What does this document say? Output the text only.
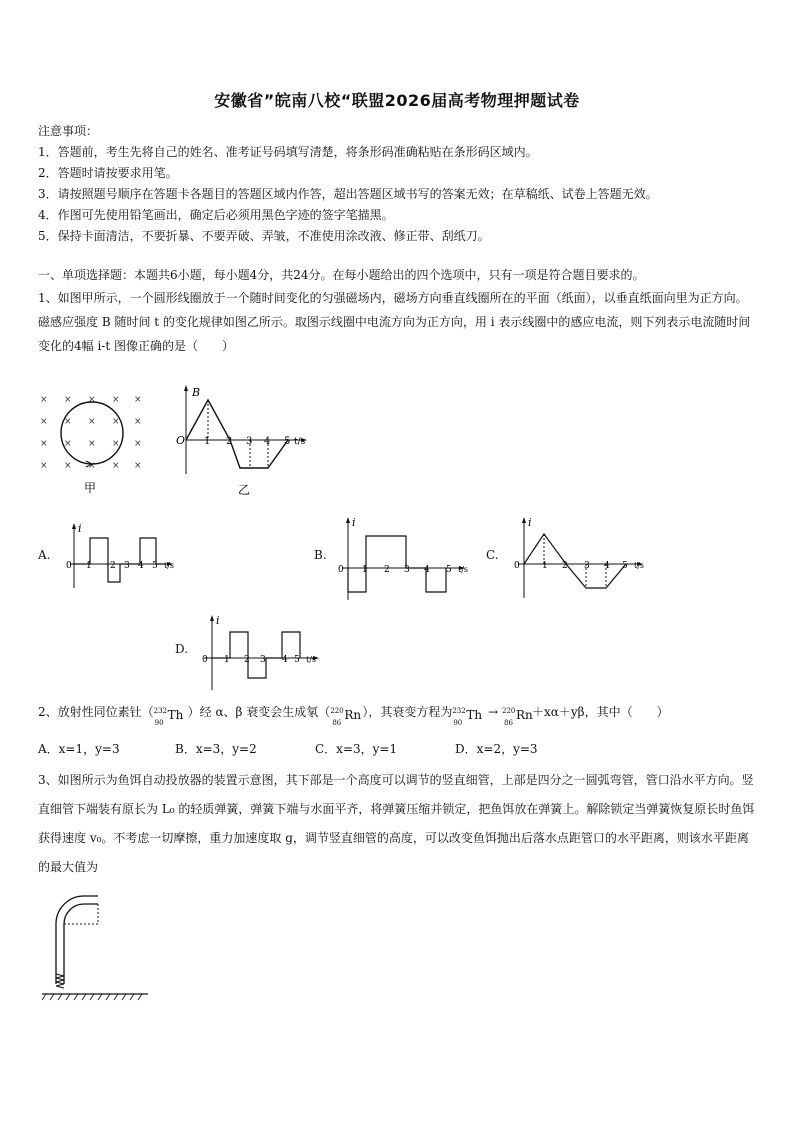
安徽省”皖南八校“联盟2026届高考物理押题试卷
注意事项：
1．答题前，考生先将自己的姓名、准考证号码填写清楚，将条形码准确粘贴在条形码区域内。
2．答题时请按要求用笔。
3．请按照题号顺序在答题卡各题目的答题区域内作答，超出答题区域书写的答案无效；在草稿纸、试卷上答题无效。
4．作图可先使用铅笔画出，确定后必须用黑色字迹的签字笔描黑。
5．保持卡面清洁，不要折暴、不要弄破、弄皱，不准使用涂改液、修正带、刮纸刀。
一、单项选择题：本题共6小题，每小题4分，共24分。在每小题给出的四个选项中，只有一项是符合题目要求的。
1、如图甲所示，一个圆形线圈放于一个随时间变化的匀强磁场内，磁场方向垂直线圈所在的平面（纸面），以垂直纸面向里为正方向。磁感应强度 B 随时间 t 的变化规律如图乙所示。取图示线圈中电流方向为正方向，用 i 表示线圈中的感应电流，则下列表示电流随时间变化的4幅 i-t 图像正确的是（　　）
× × × × ×
× × × × ×
× × × × ×
× × × × ×
甲
B
O	t/s
1 2 3 4 5
乙
A.
i
0 1 2 3 4 5 t/s
B.
i
0 1 2 3 4 5 t/s
C.
i
0 1 2 3 4 5 t/s
D.
i
0 1 2 3 4 5 t/s
2、放射性同位素钍（ 232
90
Th ）经 α、β 衰变会生成氡（ 220
86
Rn ），其衰变方程为 232
90
Th → 220
86
Rn ＋xα＋yβ，其中（　　）
A．x=1，y=3	B．x=3，y=2	C．x=3，y=1	D．x=2，y=3
3、如图所示为鱼饵自动投放器的装置示意图，其下部是一个高度可以调节的竖直细管，上部是四分之一圆弧弯管，管口沿水平方向。竖直细管下端装有原长为 L₀ 的轻质弹簧，弹簧下端与水面平齐，将弹簧压缩并锁定，把鱼饵放在弹簧上。解除锁定当弹簧恢复原长时鱼饵获得速度 v₀。不考虑一切摩擦，重力加速度取 g，调节竖直细管的高度，可以改变鱼饵抛出后落水点距管口的水平距离，则该水平距离的最大值为
